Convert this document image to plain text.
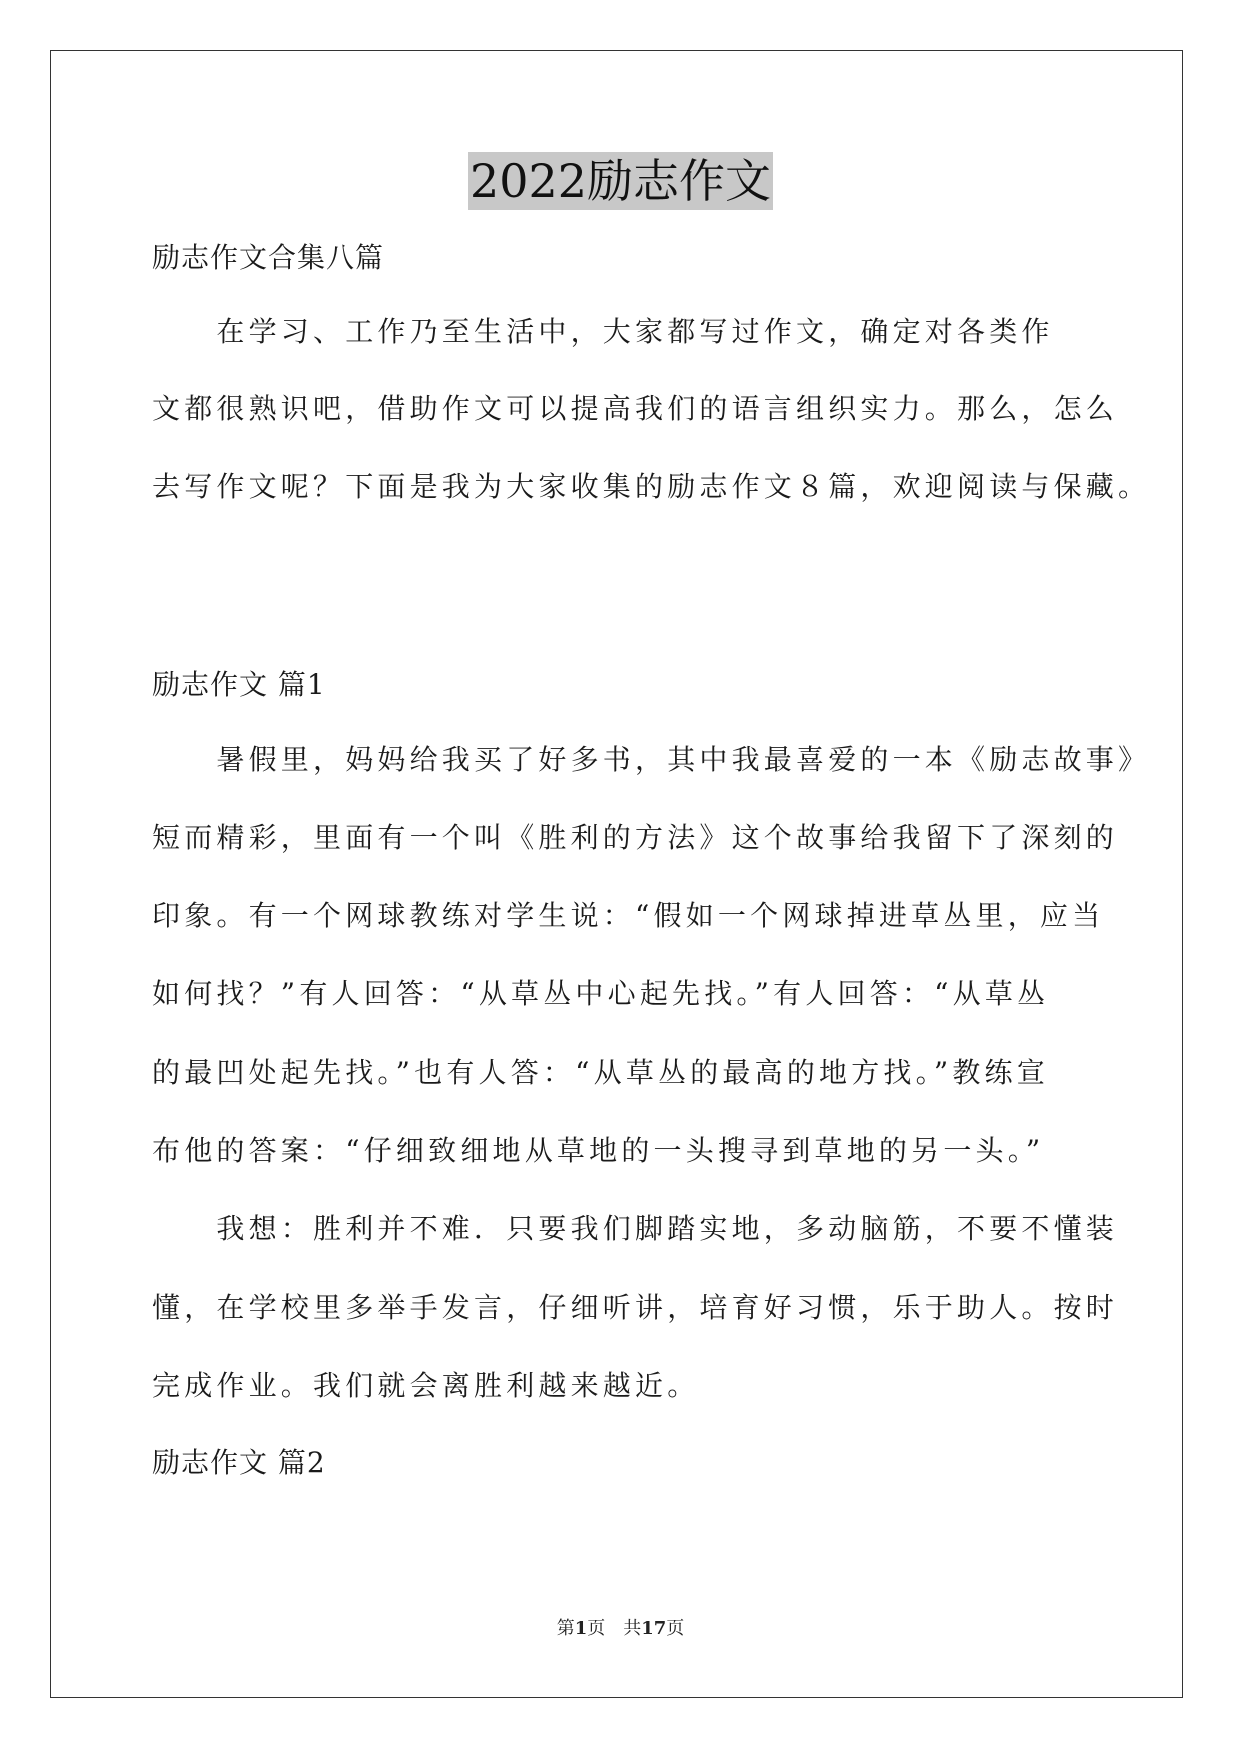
2022励志作文
励志作文合集八篇
　　在学习、工作乃至生活中，大家都写过作文，确定对各类作
文都很熟识吧，借助作文可以提高我们的语言组织实力。那么，怎么
去写作文呢？下面是我为大家收集的励志作文８篇，欢迎阅读与保藏。
励志作文 篇1
　　暑假里，妈妈给我买了好多书，其中我最喜爱的一本《励志故事》
短而精彩，里面有一个叫《胜利的方法》这个故事给我留下了深刻的
印象。有一个网球教练对学生说：“假如一个网球掉进草丛里，应当
如何找？”有人回答：“从草丛中心起先找。”有人回答：“从草丛
的最凹处起先找。”也有人答：“从草丛的最高的地方找。”教练宣
布他的答案：“仔细致细地从草地的一头搜寻到草地的另一头。”
　　我想：胜利并不难．只要我们脚踏实地，多动脑筋，不要不懂装
懂，在学校里多举手发言，仔细听讲，培育好习惯，乐于助人。按时
完成作业。我们就会离胜利越来越近。
励志作文 篇2
第1页　共17页
